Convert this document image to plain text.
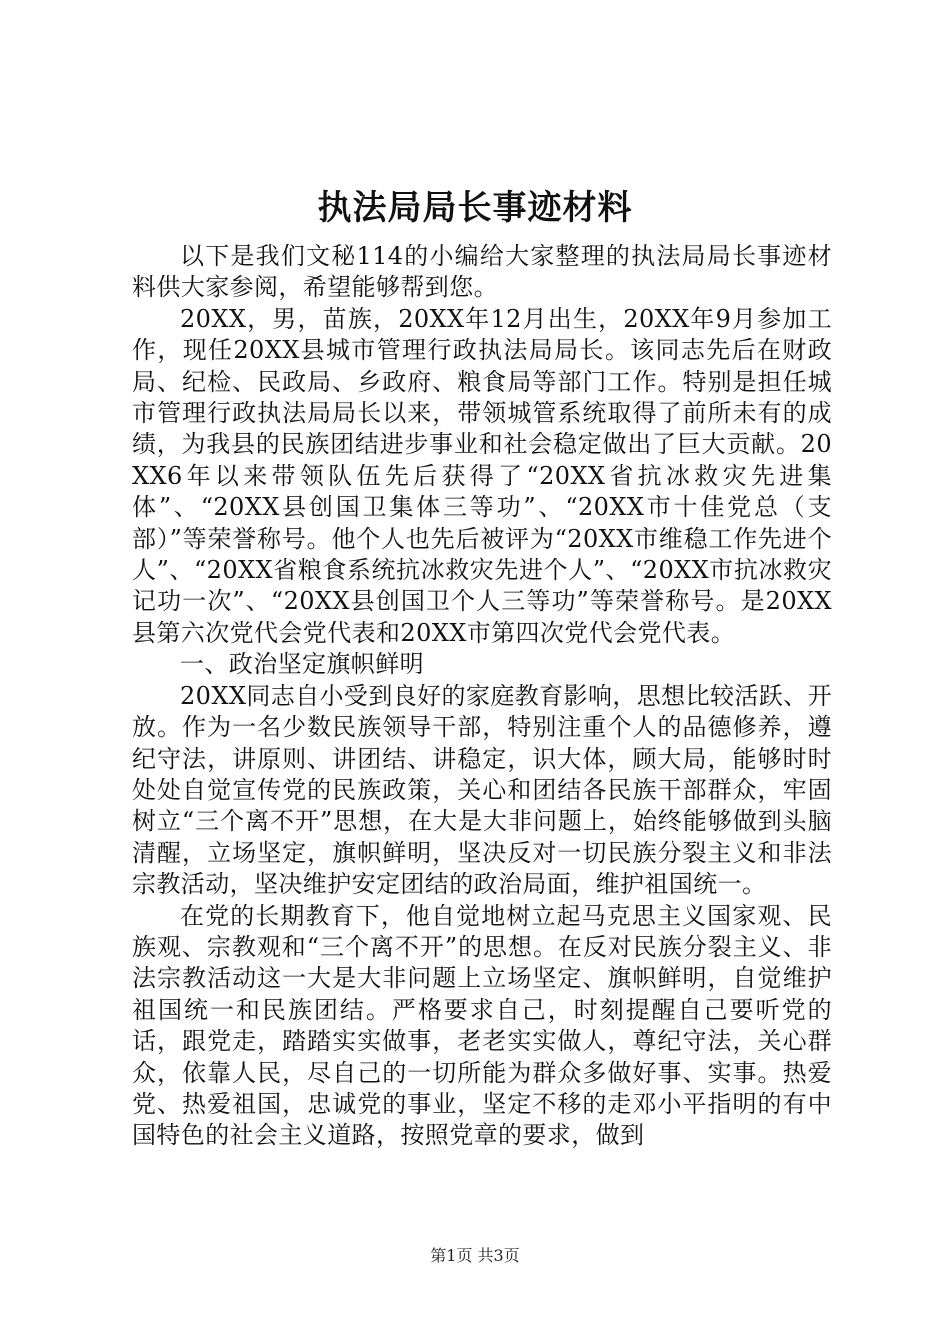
执法局局长事迹材料

以下是我们文秘114的小编给大家整理的执法局局长事迹材料供大家参阅，希望能够帮到您。

20XX，男，苗族，20XX年12月出生，20XX年9月参加工作，现任20XX县城市管理行政执法局局长。该同志先后在财政局、纪检、民政局、乡政府、粮食局等部门工作。特别是担任城市管理行政执法局局长以来，带领城管系统取得了前所未有的成绩，为我县的民族团结进步事业和社会稳定做出了巨大贡献。20XX6年以来带领队伍先后获得了“20XX省抗冰救灾先进集体”、“20XX县创国卫集体三等功”、“20XX市十佳党总（支部）”等荣誉称号。他个人也先后被评为“20XX市维稳工作先进个人”、“20XX省粮食系统抗冰救灾先进个人”、“20XX市抗冰救灾记功一次”、“20XX县创国卫个人三等功”等荣誉称号。是20XX县第六次党代会党代表和20XX市第四次党代会党代表。

一、政治坚定旗帜鲜明

20XX同志自小受到良好的家庭教育影响，思想比较活跃、开放。作为一名少数民族领导干部，特别注重个人的品德修养，遵纪守法，讲原则、讲团结、讲稳定，识大体，顾大局，能够时时处处自觉宣传党的民族政策，关心和团结各民族干部群众，牢固树立“三个离不开”思想，在大是大非问题上，始终能够做到头脑清醒，立场坚定，旗帜鲜明，坚决反对一切民族分裂主义和非法宗教活动，坚决维护安定团结的政治局面，维护祖国统一。

在党的长期教育下，他自觉地树立起马克思主义国家观、民族观、宗教观和“三个离不开”的思想。在反对民族分裂主义、非法宗教活动这一大是大非问题上立场坚定、旗帜鲜明，自觉维护祖国统一和民族团结。严格要求自己，时刻提醒自己要听党的话，跟党走，踏踏实实做事，老老实实做人，尊纪守法，关心群众，依靠人民，尽自己的一切所能为群众多做好事、实事。热爱党、热爱祖国，忠诚党的事业，坚定不移的走邓小平指明的有中国特色的社会主义道路，按照党章的要求，做到

第1页 共3页
